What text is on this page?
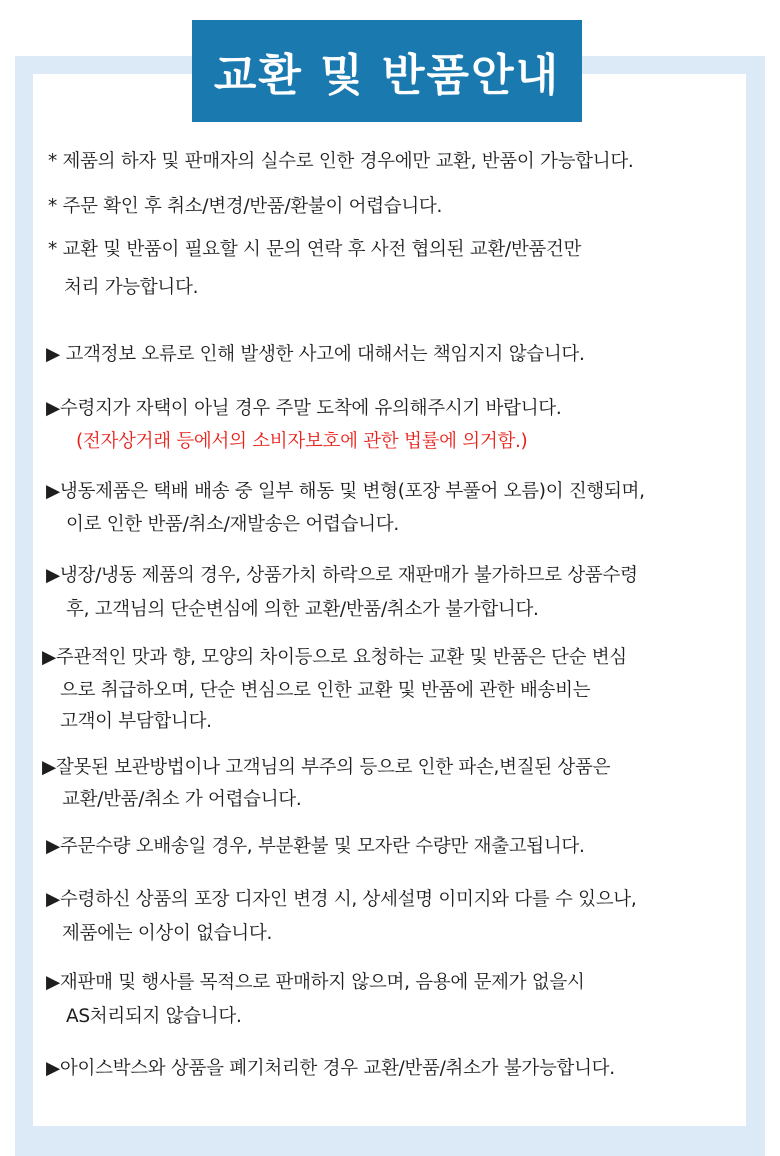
교환 및 반품안내
* 제품의 하자 및 판매자의 실수로 인한 경우에만 교환, 반품이 가능합니다.
* 주문 확인 후 취소/변경/반품/환불이 어렵습니다.
* 교환 및 반품이 필요할 시 문의 연락 후 사전 협의된 교환/반품건만
처리 가능합니다.
▶ 고객정보 오류로 인해 발생한 사고에 대해서는 책임지지 않습니다.
▶수령지가 자택이 아닐 경우 주말 도착에 유의해주시기 바랍니다.
(전자상거래 등에서의 소비자보호에 관한 법률에 의거함.)
▶냉동제품은 택배 배송 중 일부 해동 및 변형(포장 부풀어 오름)이 진행되며,
이로 인한 반품/취소/재발송은 어렵습니다.
▶냉장/냉동 제품의 경우, 상품가치 하락으로 재판매가 불가하므로 상품수령
후, 고객님의 단순변심에 의한 교환/반품/취소가 불가합니다.
▶주관적인 맛과 향, 모양의 차이등으로 요청하는 교환 및 반품은 단순 변심
으로 취급하오며, 단순 변심으로 인한 교환 및 반품에 관한 배송비는
고객이 부담합니다.
▶잘못된 보관방법이나 고객님의 부주의 등으로 인한 파손,변질된 상품은
교환/반품/취소 가 어렵습니다.
▶주문수량 오배송일 경우, 부분환불 및 모자란 수량만 재출고됩니다.
▶수령하신 상품의 포장 디자인 변경 시, 상세설명 이미지와 다를 수 있으나,
제품에는 이상이 없습니다.
▶재판매 및 행사를 목적으로 판매하지 않으며, 음용에 문제가 없을시
AS처리되지 않습니다.
▶아이스박스와 상품을 폐기처리한 경우 교환/반품/취소가 불가능합니다.
